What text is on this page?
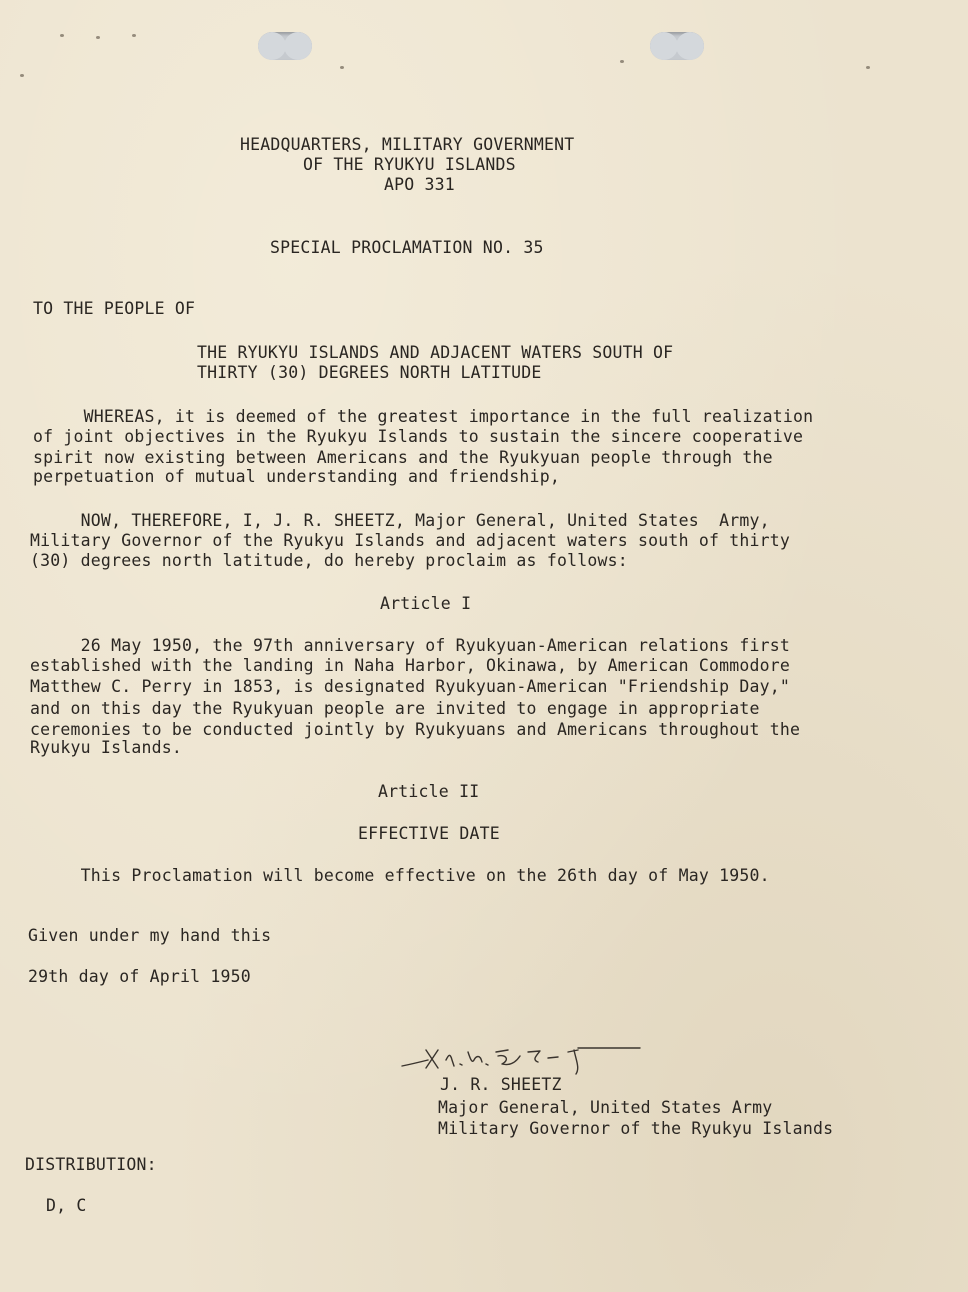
HEADQUARTERS, MILITARY GOVERNMENT
OF THE RYUKYU ISLANDS
APO 331
SPECIAL PROCLAMATION NO. 35
TO THE PEOPLE OF
THE RYUKYU ISLANDS AND ADJACENT WATERS SOUTH OF
THIRTY (30) DEGREES NORTH LATITUDE
WHEREAS, it is deemed of the greatest importance in the full realization
of joint objectives in the Ryukyu Islands to sustain the sincere cooperative
spirit now existing between Americans and the Ryukyuan people through the
perpetuation of mutual understanding and friendship,
NOW, THEREFORE, I, J. R. SHEETZ, Major General, United States  Army,
Military Governor of the Ryukyu Islands and adjacent waters south of thirty
(30) degrees north latitude, do hereby proclaim as follows:
Article I
26 May 1950, the 97th anniversary of Ryukyuan-American relations first
established with the landing in Naha Harbor, Okinawa, by American Commodore
Matthew C. Perry in 1853, is designated Ryukyuan-American "Friendship Day,"
and on this day the Ryukyuan people are invited to engage in appropriate
ceremonies to be conducted jointly by Ryukyuans and Americans throughout the
Ryukyu Islands.
Article II
EFFECTIVE DATE
This Proclamation will become effective on the 26th day of May 1950.
Given under my hand this
29th day of April 1950
J. R. SHEETZ
Major General, United States Army
Military Governor of the Ryukyu Islands
DISTRIBUTION:
D, C
